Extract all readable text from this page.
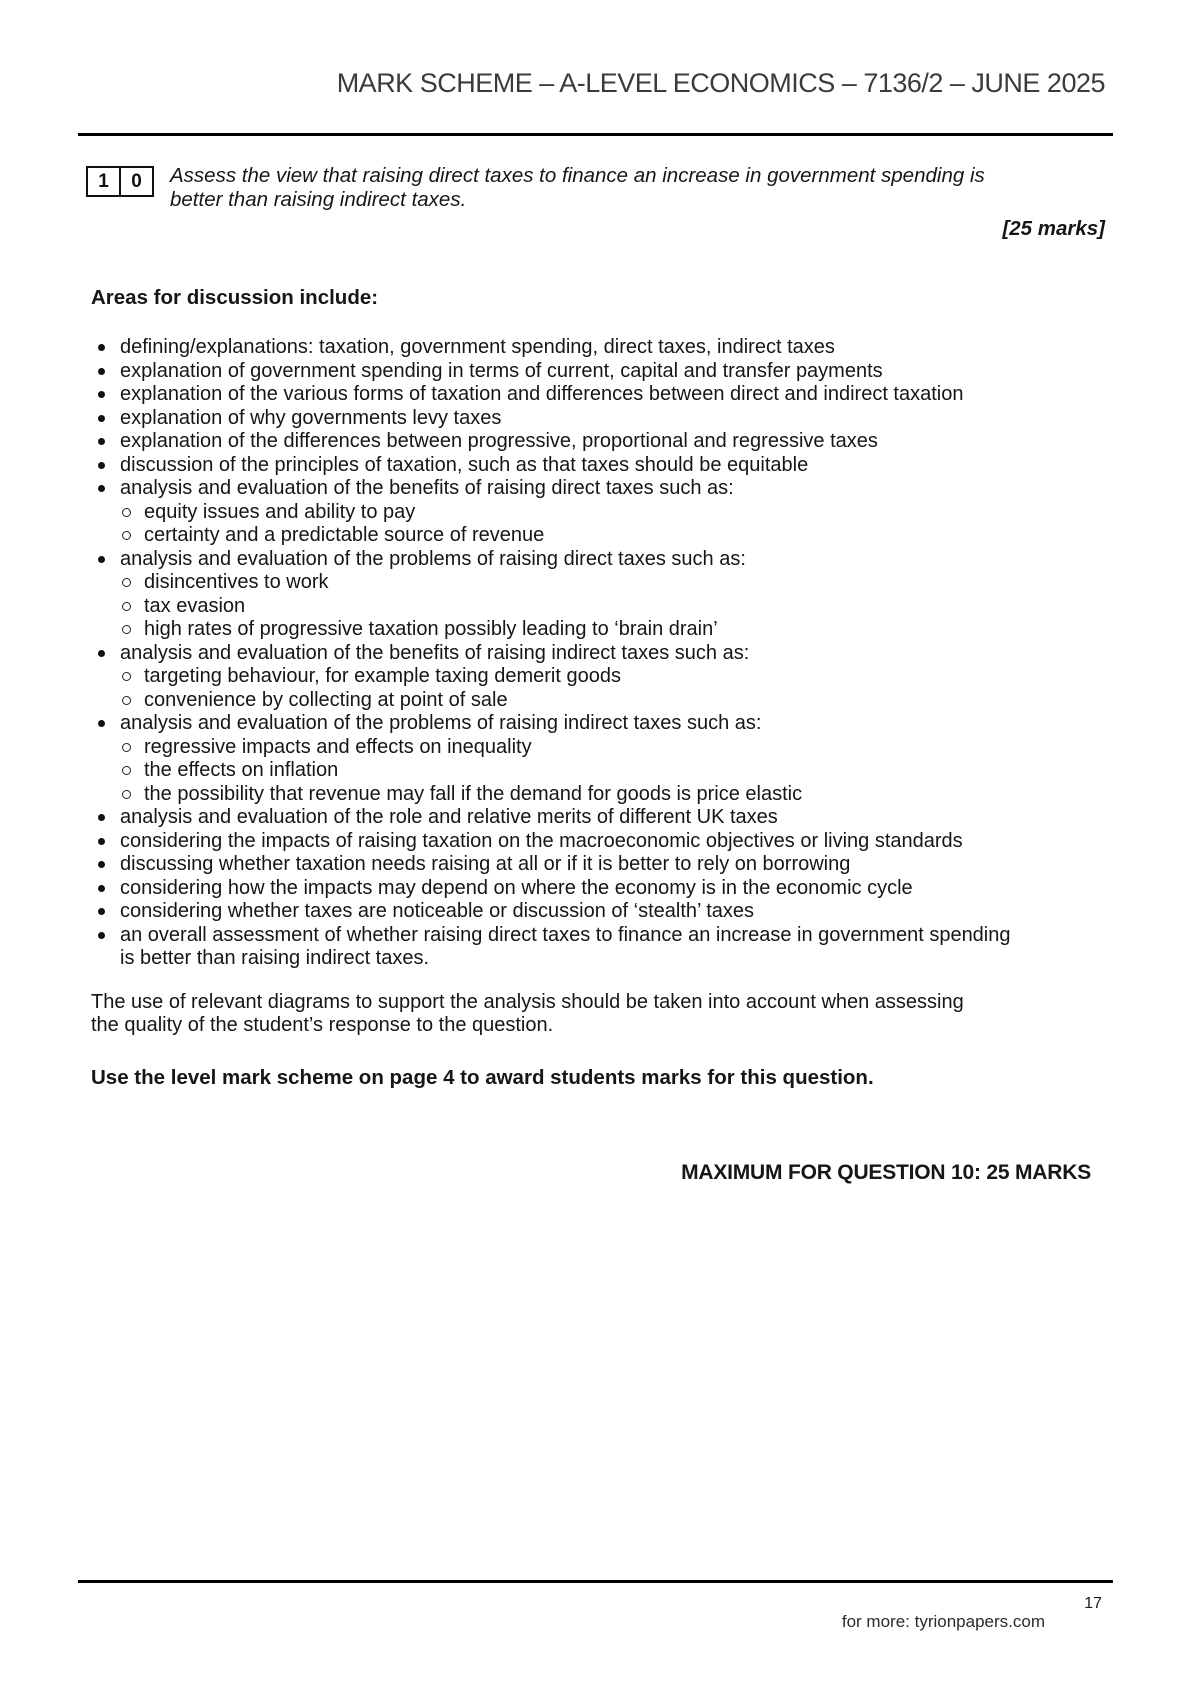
MARK SCHEME – A-LEVEL ECONOMICS – 7136/2 – JUNE 2025
1	0	Assess the view that raising direct taxes to finance an increase in government spending is better than raising indirect taxes.
[25 marks]

Areas for discussion include:

defining/explanations: taxation, government spending, direct taxes, indirect taxes
explanation of government spending in terms of current, capital and transfer payments
explanation of the various forms of taxation and differences between direct and indirect taxation
explanation of why governments levy taxes
explanation of the differences between progressive, proportional and regressive taxes
discussion of the principles of taxation, such as that taxes should be equitable
analysis and evaluation of the benefits of raising direct taxes such as:
equity issues and ability to pay
certainty and a predictable source of revenue
analysis and evaluation of the problems of raising direct taxes such as:
disincentives to work
tax evasion
high rates of progressive taxation possibly leading to ‘brain drain’
analysis and evaluation of the benefits of raising indirect taxes such as:
targeting behaviour, for example taxing demerit goods
convenience by collecting at point of sale
analysis and evaluation of the problems of raising indirect taxes such as:
regressive impacts and effects on inequality
the effects on inflation
the possibility that revenue may fall if the demand for goods is price elastic
analysis and evaluation of the role and relative merits of different UK taxes
considering the impacts of raising taxation on the macroeconomic objectives or living standards
discussing whether taxation needs raising at all or if it is better to rely on borrowing
considering how the impacts may depend on where the economy is in the economic cycle
considering whether taxes are noticeable or discussion of ‘stealth’ taxes
an overall assessment of whether raising direct taxes to finance an increase in government spending is better than raising indirect taxes.

The use of relevant diagrams to support the analysis should be taken into account when assessing the quality of the student’s response to the question.

Use the level mark scheme on page 4 to award students marks for this question.

MAXIMUM FOR QUESTION 10: 25 MARKS

17
for more: tyrionpapers.com
